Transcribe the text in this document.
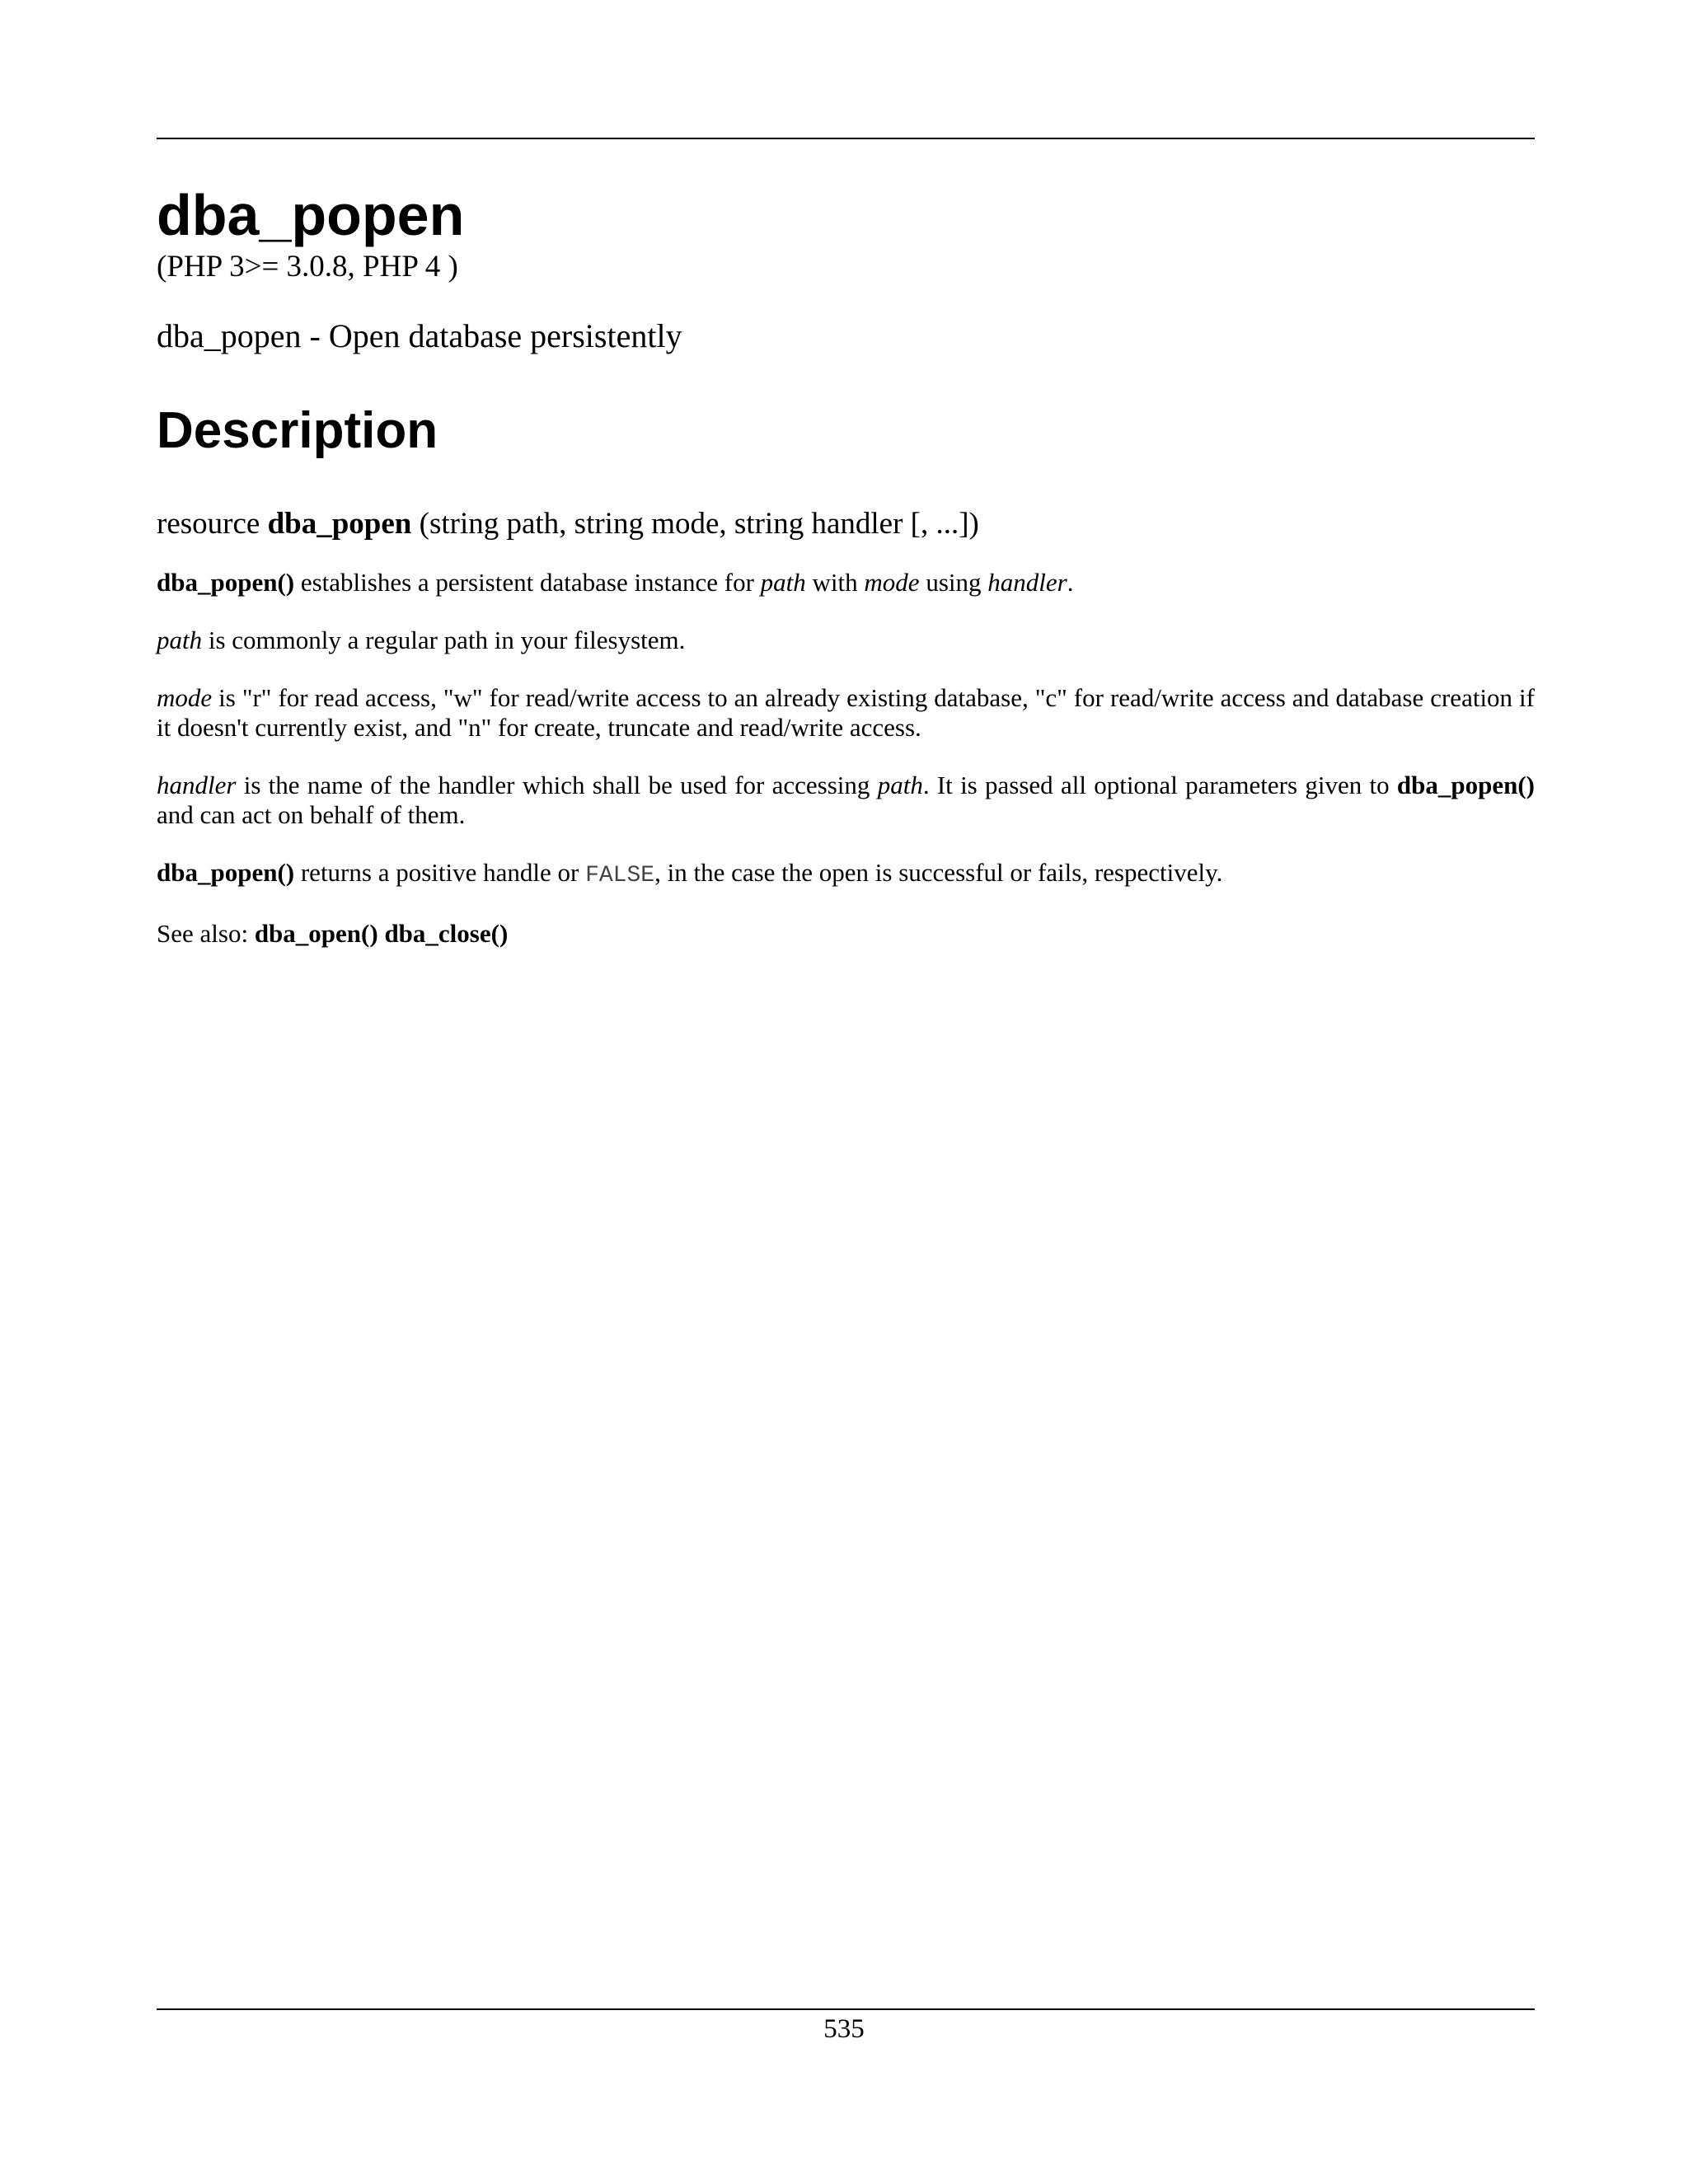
dba_popen
(PHP 3>= 3.0.8, PHP 4 )
dba_popen - Open database persistently
Description
resource dba_popen (string path, string mode, string handler [, ...])

dba_popen() establishes a persistent database instance for path with mode using handler.

path is commonly a regular path in your filesystem.

mode is "r" for read access, "w" for read/write access to an already existing database, "c" for read/write access and database creation if it doesn't currently exist, and "n" for create, truncate and read/write access.

handler is the name of the handler which shall be used for accessing path. It is passed all optional parameters given to dba_popen() and can act on behalf of them.

dba_popen() returns a positive handle or FALSE, in the case the open is successful or fails, respectively.

See also: dba_open() dba_close()

535
